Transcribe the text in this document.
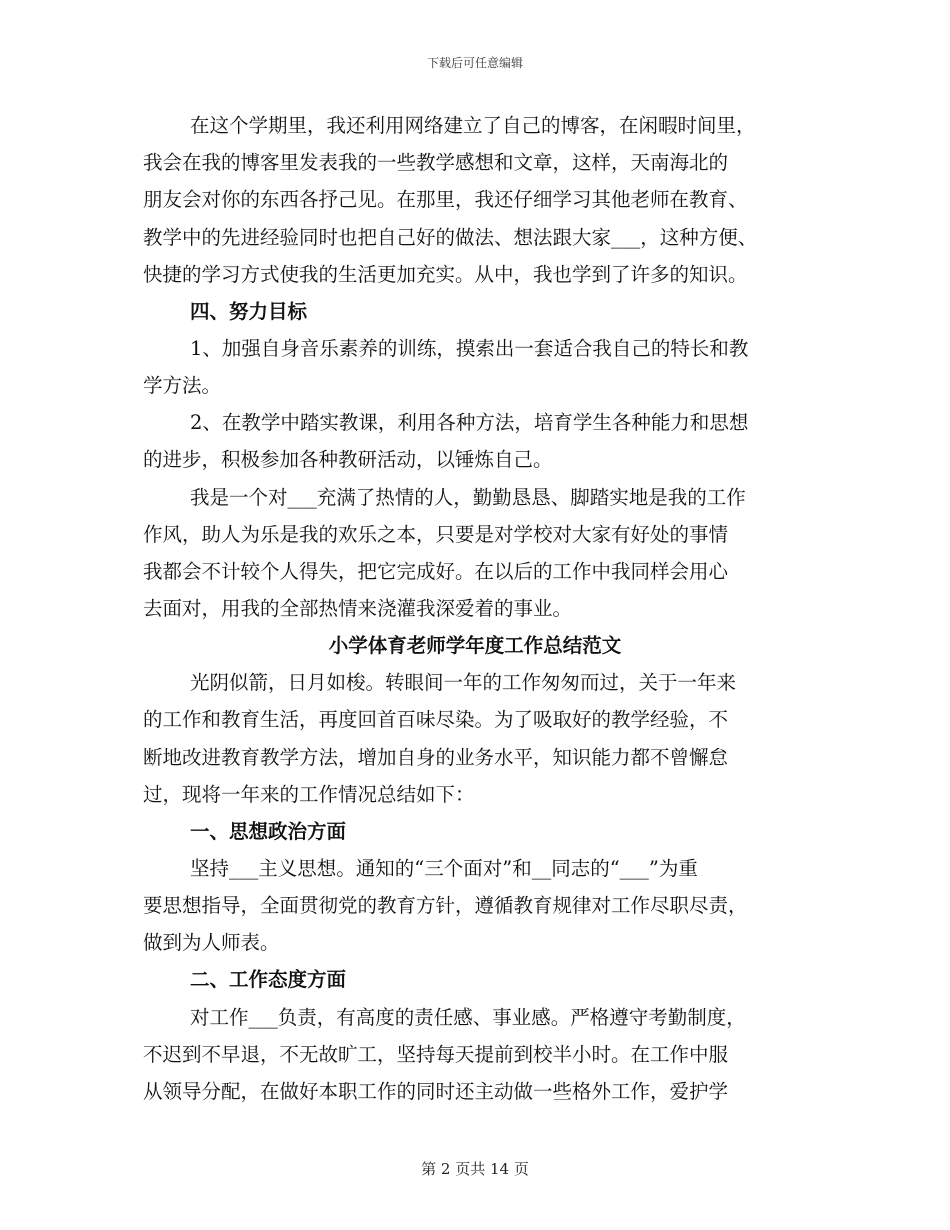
下载后可任意编辑
在这个学期里，我还利用网络建立了自己的博客，在闲暇时间里，
我会在我的博客里发表我的一些教学感想和文章，这样，天南海北的
朋友会对你的东西各抒己见。在那里，我还仔细学习其他老师在教育、
教学中的先进经验同时也把自己好的做法、想法跟大家___，这种方便、
快捷的学习方式使我的生活更加充实。从中，我也学到了许多的知识。
四、努力目标
1、加强自身音乐素养的训练，摸索出一套适合我自己的特长和教
学方法。
2、在教学中踏实教课，利用各种方法，培育学生各种能力和思想
的进步，积极参加各种教研活动，以锤炼自己。
我是一个对___充满了热情的人，勤勤恳恳、脚踏实地是我的工作
作风，助人为乐是我的欢乐之本，只要是对学校对大家有好处的事情
我都会不计较个人得失，把它完成好。在以后的工作中我同样会用心
去面对，用我的全部热情来浇灌我深爱着的事业。
小学体育老师学年度工作总结范文
光阴似箭，日月如梭。转眼间一年的工作匆匆而过，关于一年来
的工作和教育生活，再度回首百味尽染。为了吸取好的教学经验，不
断地改进教育教学方法，增加自身的业务水平，知识能力都不曾懈怠
过，现将一年来的工作情况总结如下：
一、思想政治方面
坚持___主义思想。通知的“三个面对”和__同志的“___”为重
要思想指导，全面贯彻党的教育方针，遵循教育规律对工作尽职尽责，
做到为人师表。
二、工作态度方面
对工作___负责，有高度的责任感、事业感。严格遵守考勤制度，
不迟到不早退，不无故旷工，坚持每天提前到校半小时。在工作中服
从领导分配，在做好本职工作的同时还主动做一些格外工作，爱护学
第 2 页共 14 页
